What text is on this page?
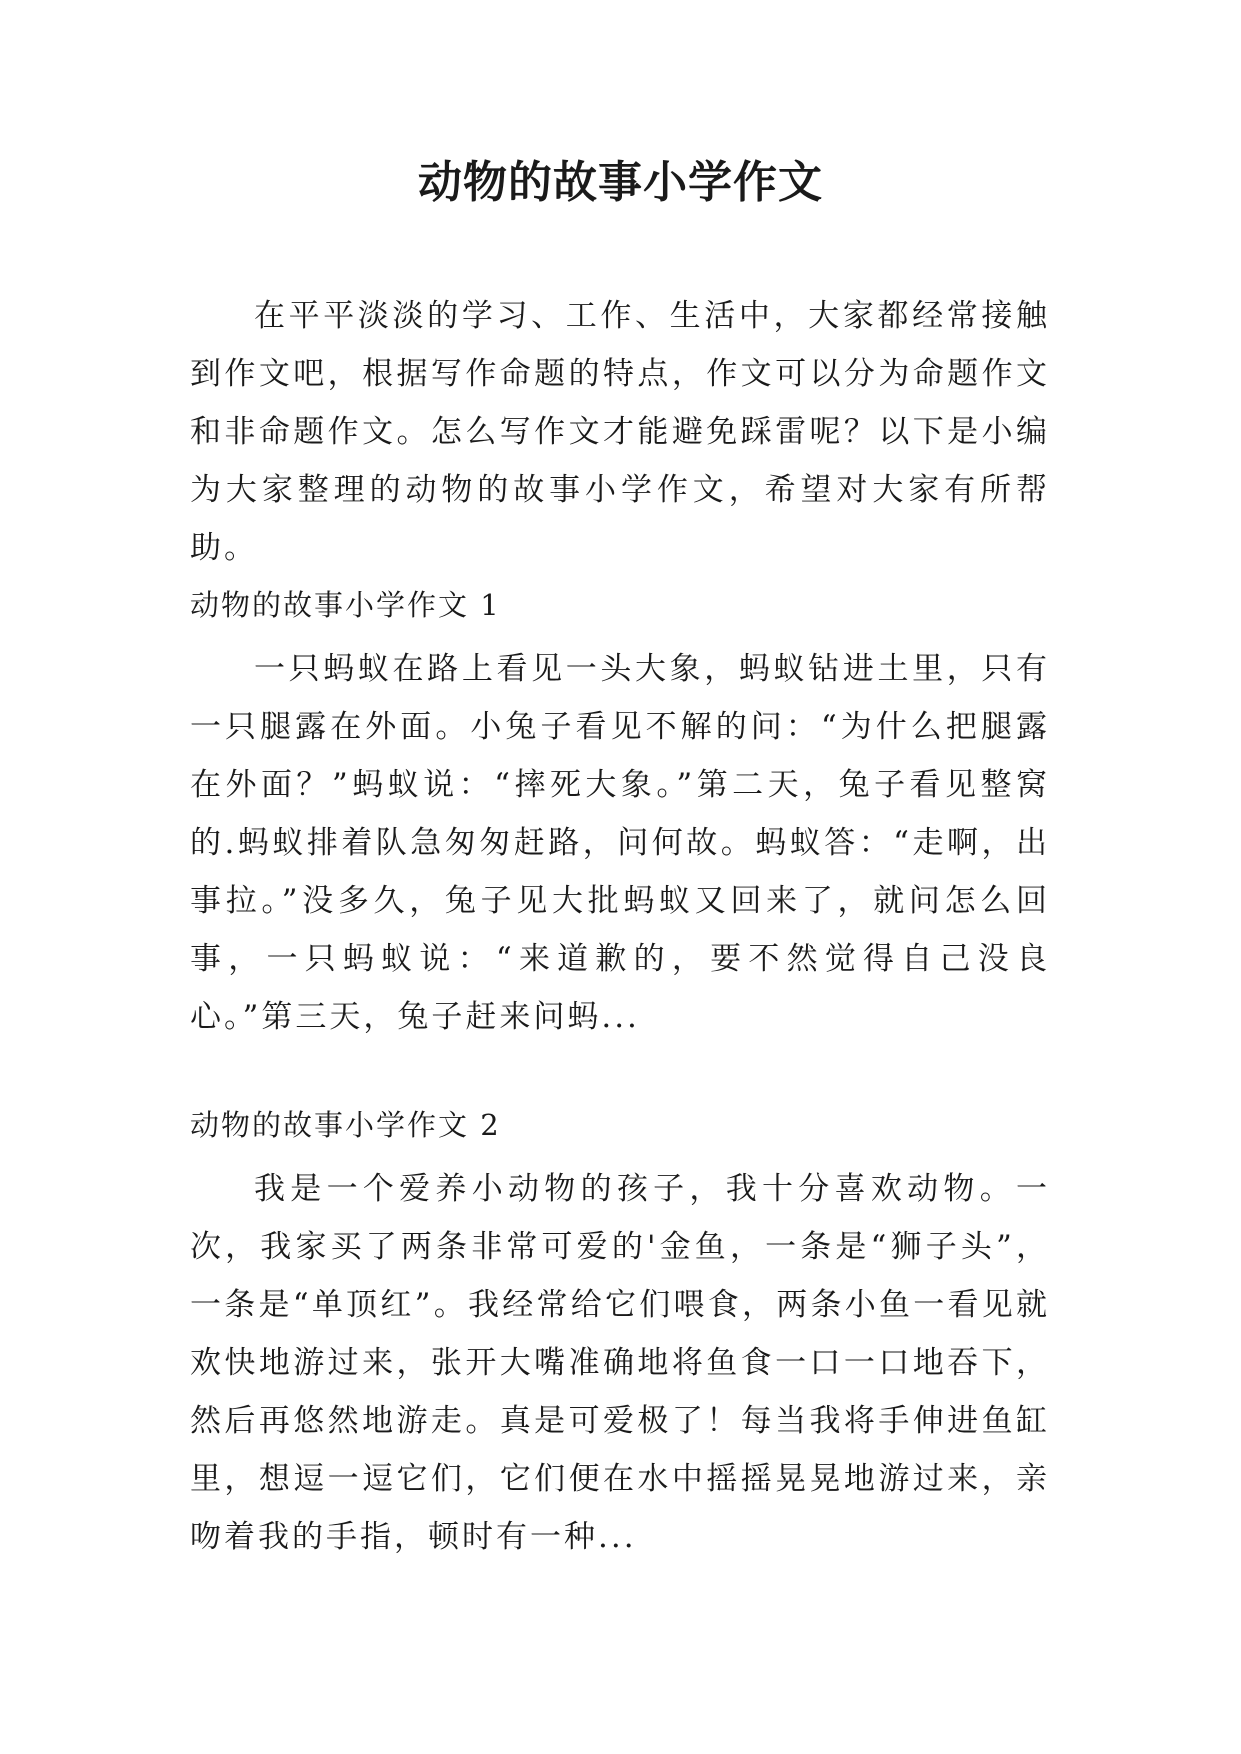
动物的故事小学作文

在平平淡淡的学习、工作、生活中，大家都经常接触到作文吧，根据写作命题的特点，作文可以分为命题作文和非命题作文。怎么写作文才能避免踩雷呢？以下是小编为大家整理的动物的故事小学作文，希望对大家有所帮助。

动物的故事小学作文 1

一只蚂蚁在路上看见一头大象，蚂蚁钻进土里，只有一只腿露在外面。小兔子看见不解的问：“为什么把腿露在外面？”蚂蚁说：“摔死大象。”第二天，兔子看见整窝的.蚂蚁排着队急匆匆赶路，问何故。蚂蚁答：“走啊，出事拉。”没多久，兔子见大批蚂蚁又回来了，就问怎么回事，一只蚂蚁说：“来道歉的，要不然觉得自己没良心。”第三天，兔子赶来问蚂...

动物的故事小学作文 2

我是一个爱养小动物的孩子，我十分喜欢动物。一次，我家买了两条非常可爱的'金鱼，一条是“狮子头”，一条是“单顶红”。我经常给它们喂食，两条小鱼一看见就欢快地游过来，张开大嘴准确地将鱼食一口一口地吞下，然后再悠然地游走。真是可爱极了！每当我将手伸进鱼缸里，想逗一逗它们，它们便在水中摇摇晃晃地游过来，亲吻着我的手指，顿时有一种...
